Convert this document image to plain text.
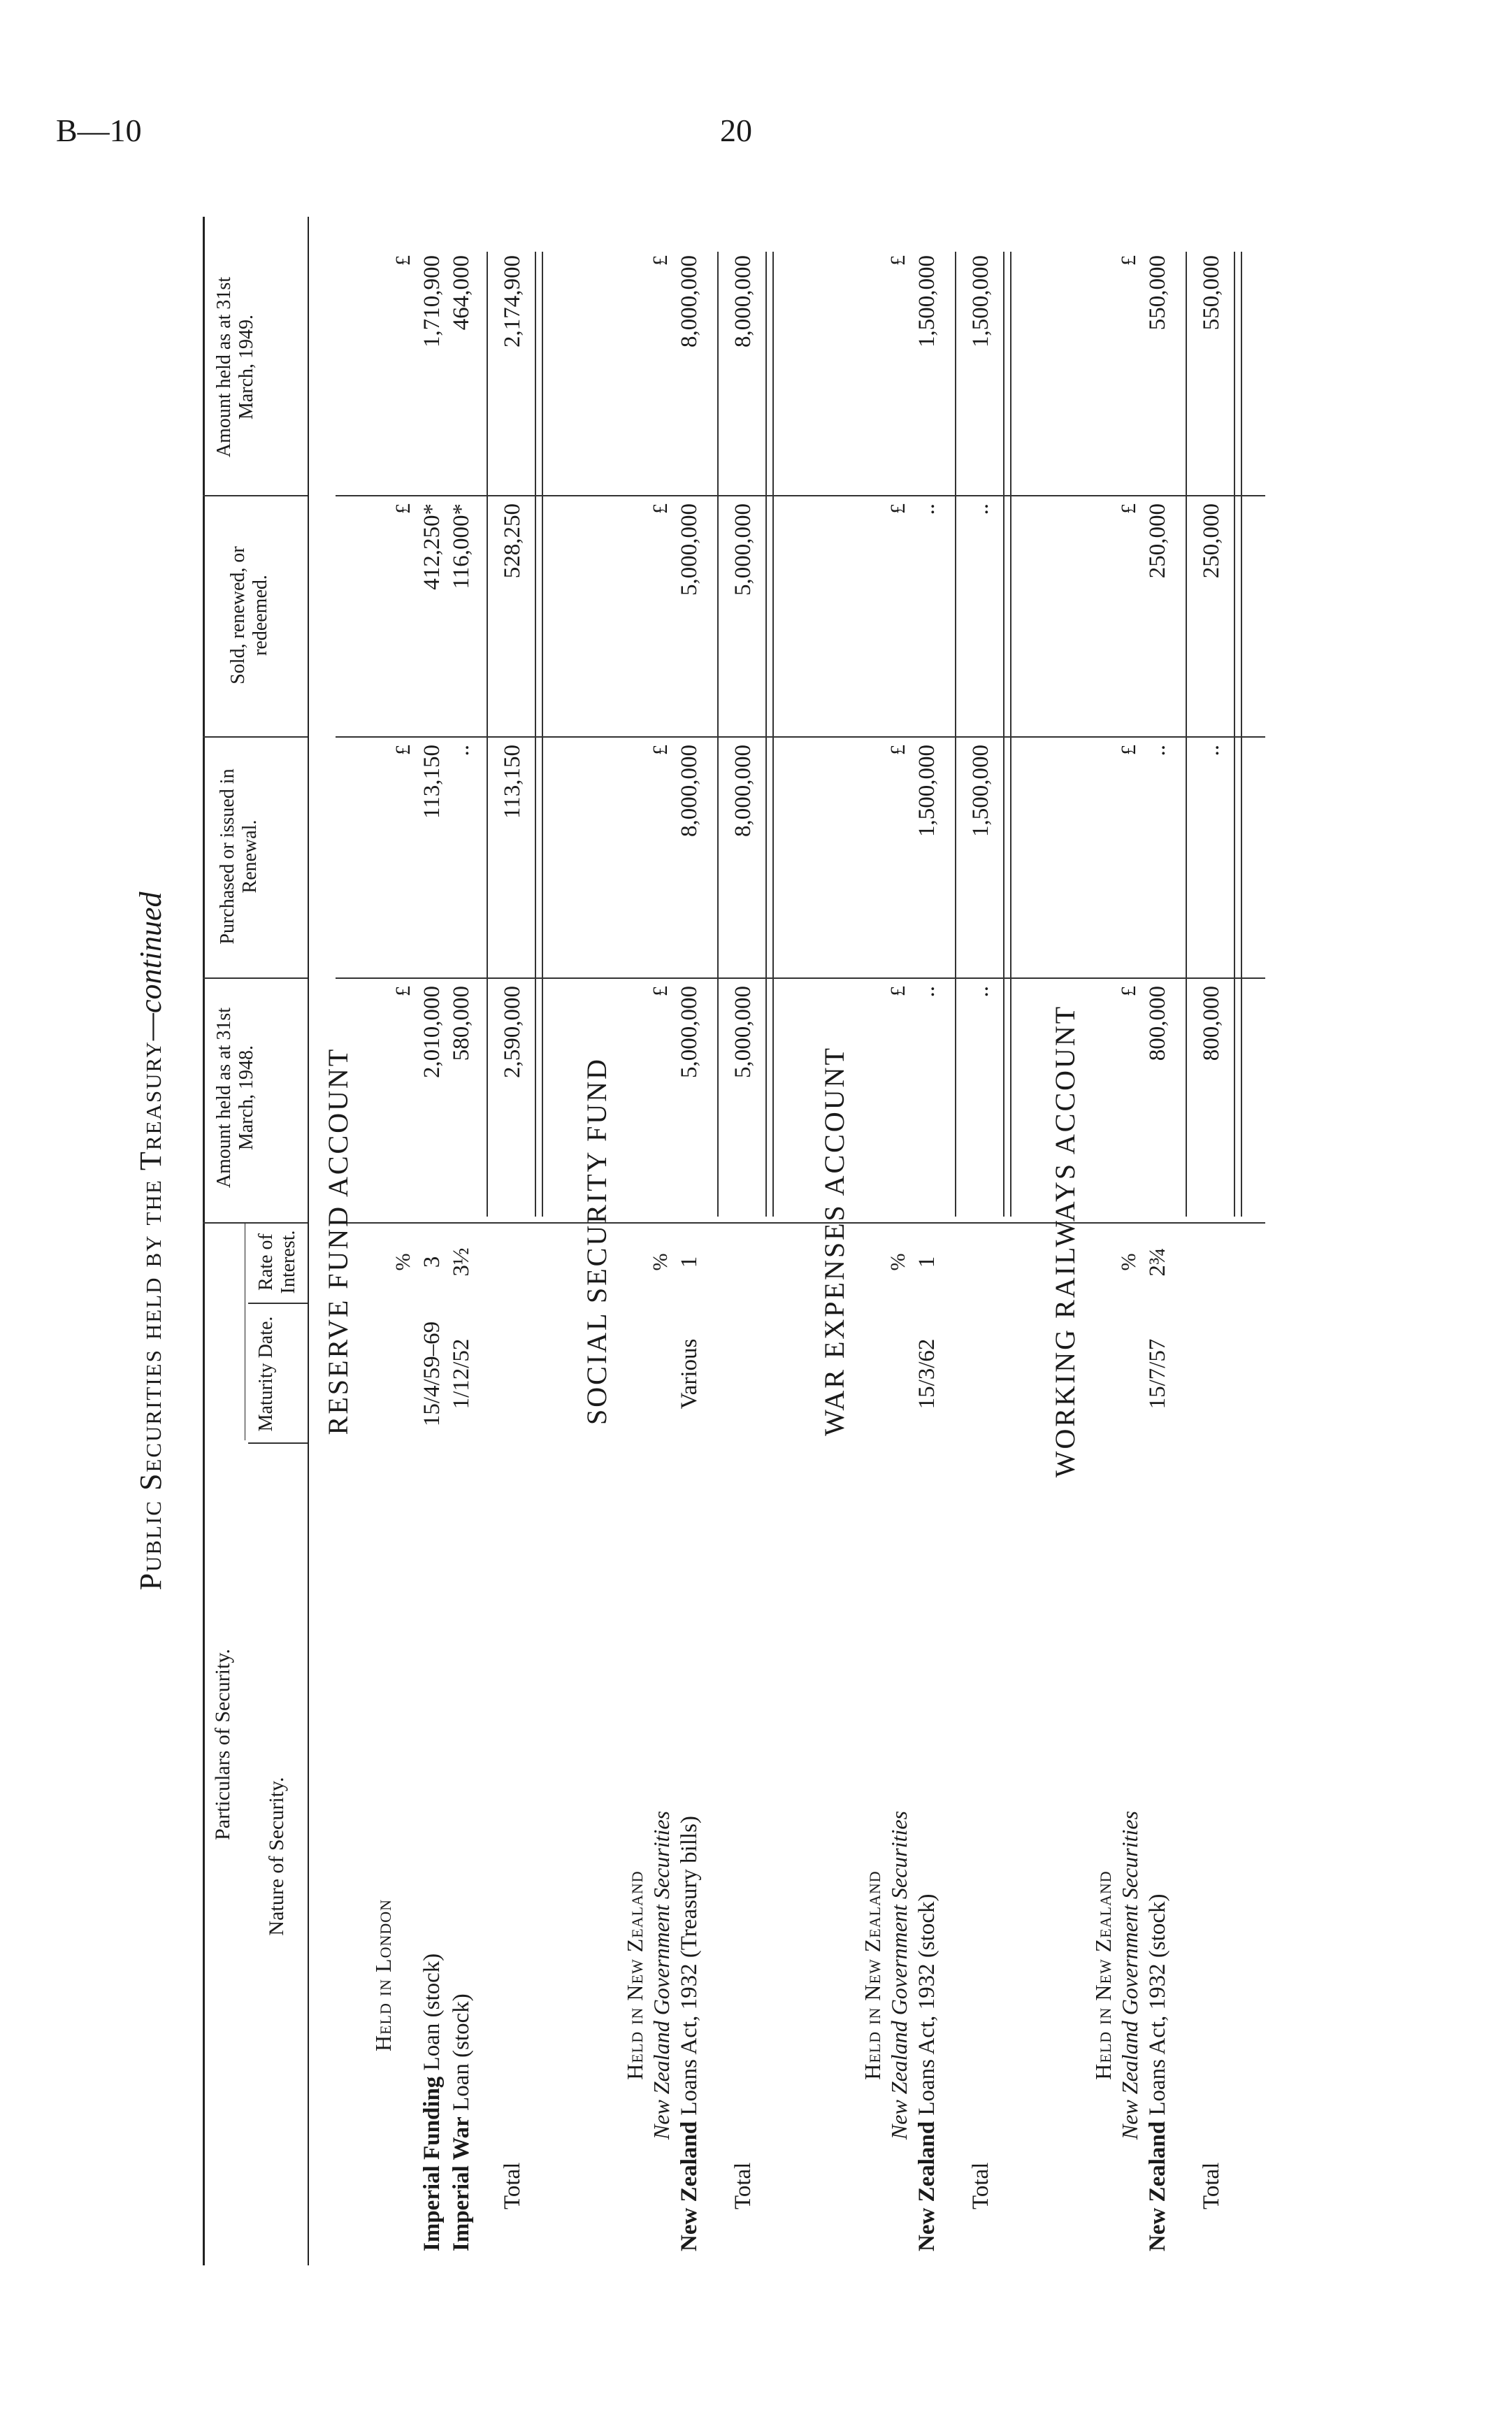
B—10	20
Public Securities held by the Treasury—continued
Particulars of Security.
Nature of Security.
Maturity Date.
Rate of Interest.
Amount held as at 31st March, 1948.
Purchased or issued in Renewal.
Sold, renewed, or redeemed.
Amount held as at 31st March, 1949.
RESERVE FUND ACCOUNT
Held in London
Imperial Funding Loan (stock)
15/4/59–69
3
2,010,000
113,150
412,250*
1,710,900
Imperial War Loan (stock)
1/12/52
3½
580,000
..
116,000*
464,000
%
£
£
£
£
Total
2,590,000
113,150
528,250
2,174,900
SOCIAL SECURITY FUND
Held in New Zealand New Zealand Government Securities
%
£
£
£
£
New Zealand Loans Act, 1932 (Treasury bills)
Various
1
5,000,000
8,000,000
5,000,000
8,000,000
Total
5,000,000
8,000,000
5,000,000
8,000,000
WAR EXPENSES ACCOUNT
Held in New Zealand New Zealand Government Securities
%
£
£
£
£
New Zealand Loans Act, 1932 (stock)
15/3/62
1
..
1,500,000
..
1,500,000
Total
..
1,500,000
..
1,500,000
WORKING RAILWAYS ACCOUNT
Held in New Zealand New Zealand Government Securities
%
£
£
£
£
New Zealand Loans Act, 1932 (stock)
15/7/57
2¾
800,000
..
250,000
550,000
Total
800,000
..
250,000
550,000
